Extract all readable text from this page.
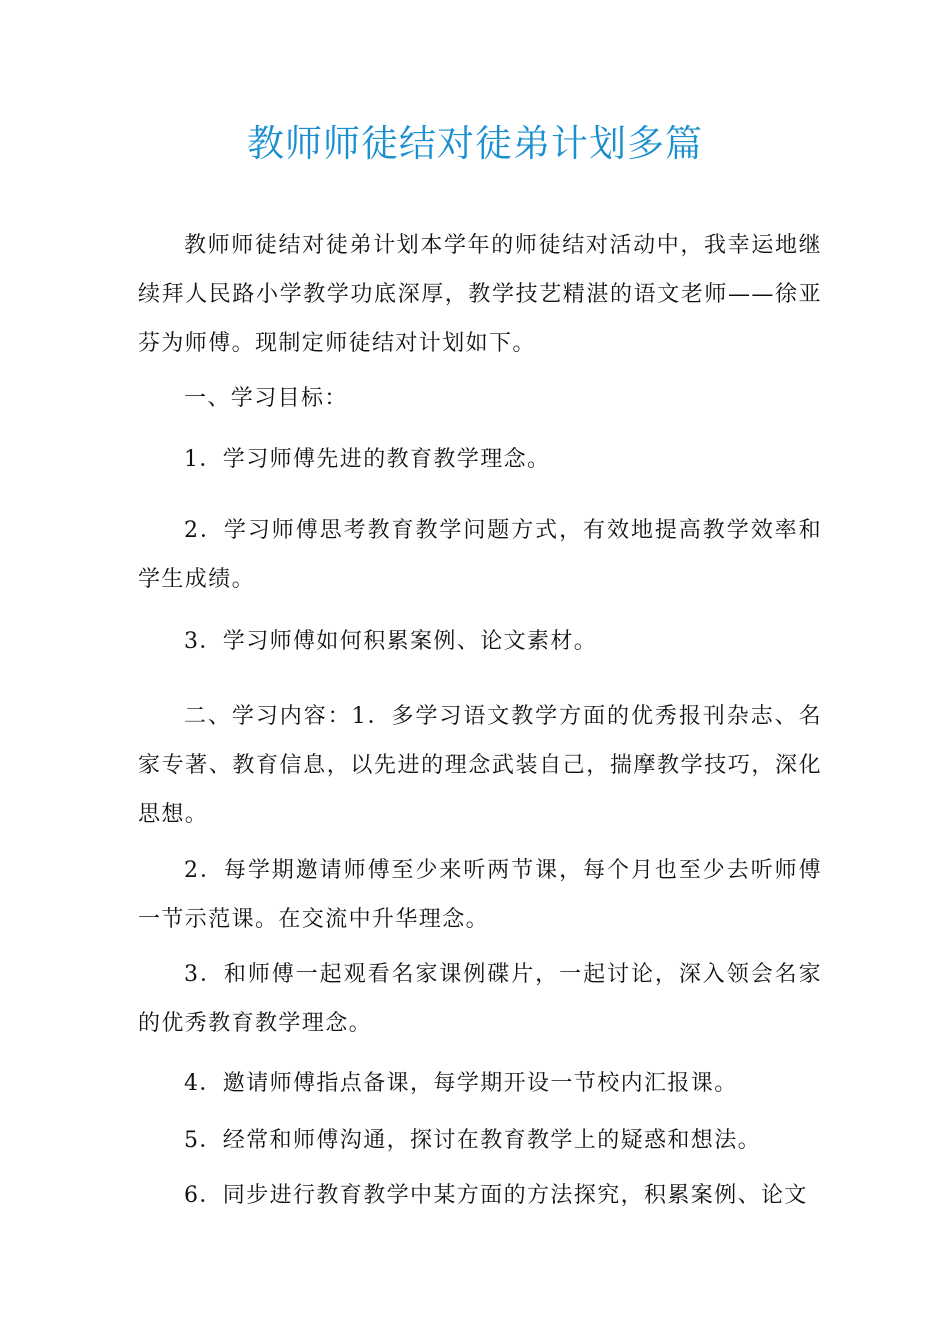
教师师徒结对徒弟计划多篇

教师师徒结对徒弟计划本学年的师徒结对活动中，我幸运地继续拜人民路小学教学功底深厚，教学技艺精湛的语文老师——徐亚芬为师傅。现制定师徒结对计划如下。

一、学习目标：

1．学习师傅先进的教育教学理念。

2．学习师傅思考教育教学问题方式，有效地提高教学效率和学生成绩。

3．学习师傅如何积累案例、论文素材。

二、学习内容：1．多学习语文教学方面的优秀报刊杂志、名家专著、教育信息，以先进的理念武装自己，揣摩教学技巧，深化思想。

2．每学期邀请师傅至少来听两节课，每个月也至少去听师傅一节示范课。在交流中升华理念。

3．和师傅一起观看名家课例碟片，一起讨论，深入领会名家的优秀教育教学理念。

4．邀请师傅指点备课，每学期开设一节校内汇报课。

5．经常和师傅沟通，探讨在教育教学上的疑惑和想法。

6．同步进行教育教学中某方面的方法探究，积累案例、论文
